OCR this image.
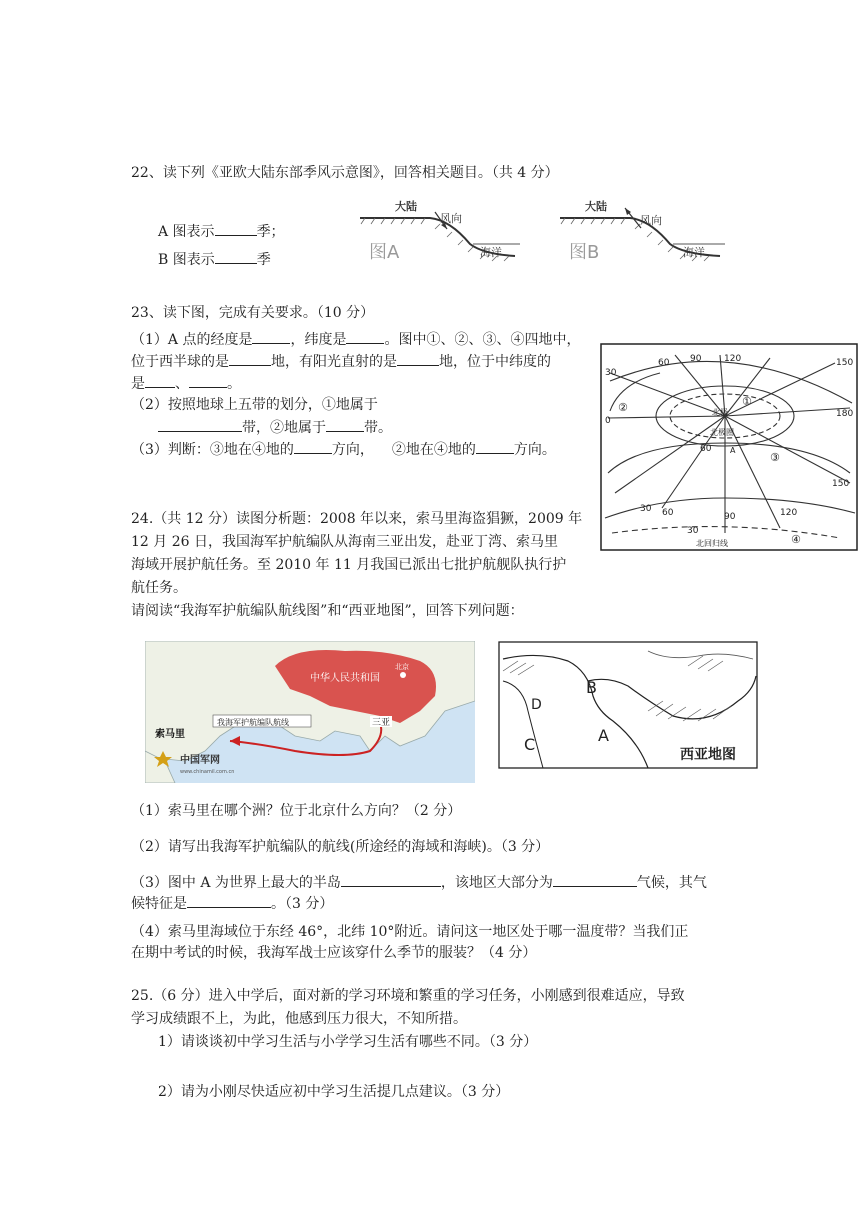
22、读下列《亚欧大陆东部季风示意图》，回答相关题目。（共 4 分）
A 图表示	季；
B 图表示	季
大陆
风向
海洋
图A
大陆
风向
海洋
图B
23、读下图，完成有关要求。（10 分）
（1）A 点的经度是	，纬度是	。图中①、②、③、④四地中，
位于西半球的是	地，有阳光直射的是	地，位于中纬度的
是 、	。
（2）按照地球上五带的划分，①地属于
带，②地属于	带。
（3）判断：③地在④地的	方向， ②地在④地的	方向。
60 90	120	150
30
0
180
北极
北极圈
A
60
30
150
60	90	120
30
①
②
③
④
北回归线
24.（共 12 分）读图分析题：2008 年以来，索马里海盗猖獗，2009 年
12 月 26 日，我国海军护航编队从海南三亚出发，赴亚丁湾、索马里
海域开展护航任务。至 2010 年 11 月我国已派出七批护航舰队执行护
航任务。
请阅读“我海军护航编队航线图”和“西亚地图”，回答下列问题：
我海军护航编队航线
中华人民共和国
北京
三亚
索马里
中国军网
www.chinamil.com.cn
A
B
C
D
西亚地图
（1）索马里在哪个洲？位于北京什么方向？（2 分）
（2）请写出我海军护航编队的航线(所途经的海域和海峡)。（3 分）
（3）图中 A 为世界上最大的半岛	，该地区大部分为	气候，其气
候特征是	。（3 分）
（4）索马里海域位于东经 46°，北纬 10°附近。请问这一地区处于哪一温度带？当我们正
在期中考试的时候，我海军战士应该穿什么季节的服装？（4 分）
25.（6 分）进入中学后，面对新的学习环境和繁重的学习任务，小刚感到很难适应，导致
学习成绩跟不上，为此，他感到压力很大，不知所措。
1）请谈谈初中学习生活与小学学习生活有哪些不同。（3 分）
2）请为小刚尽快适应初中学习生活提几点建议。（3 分）
